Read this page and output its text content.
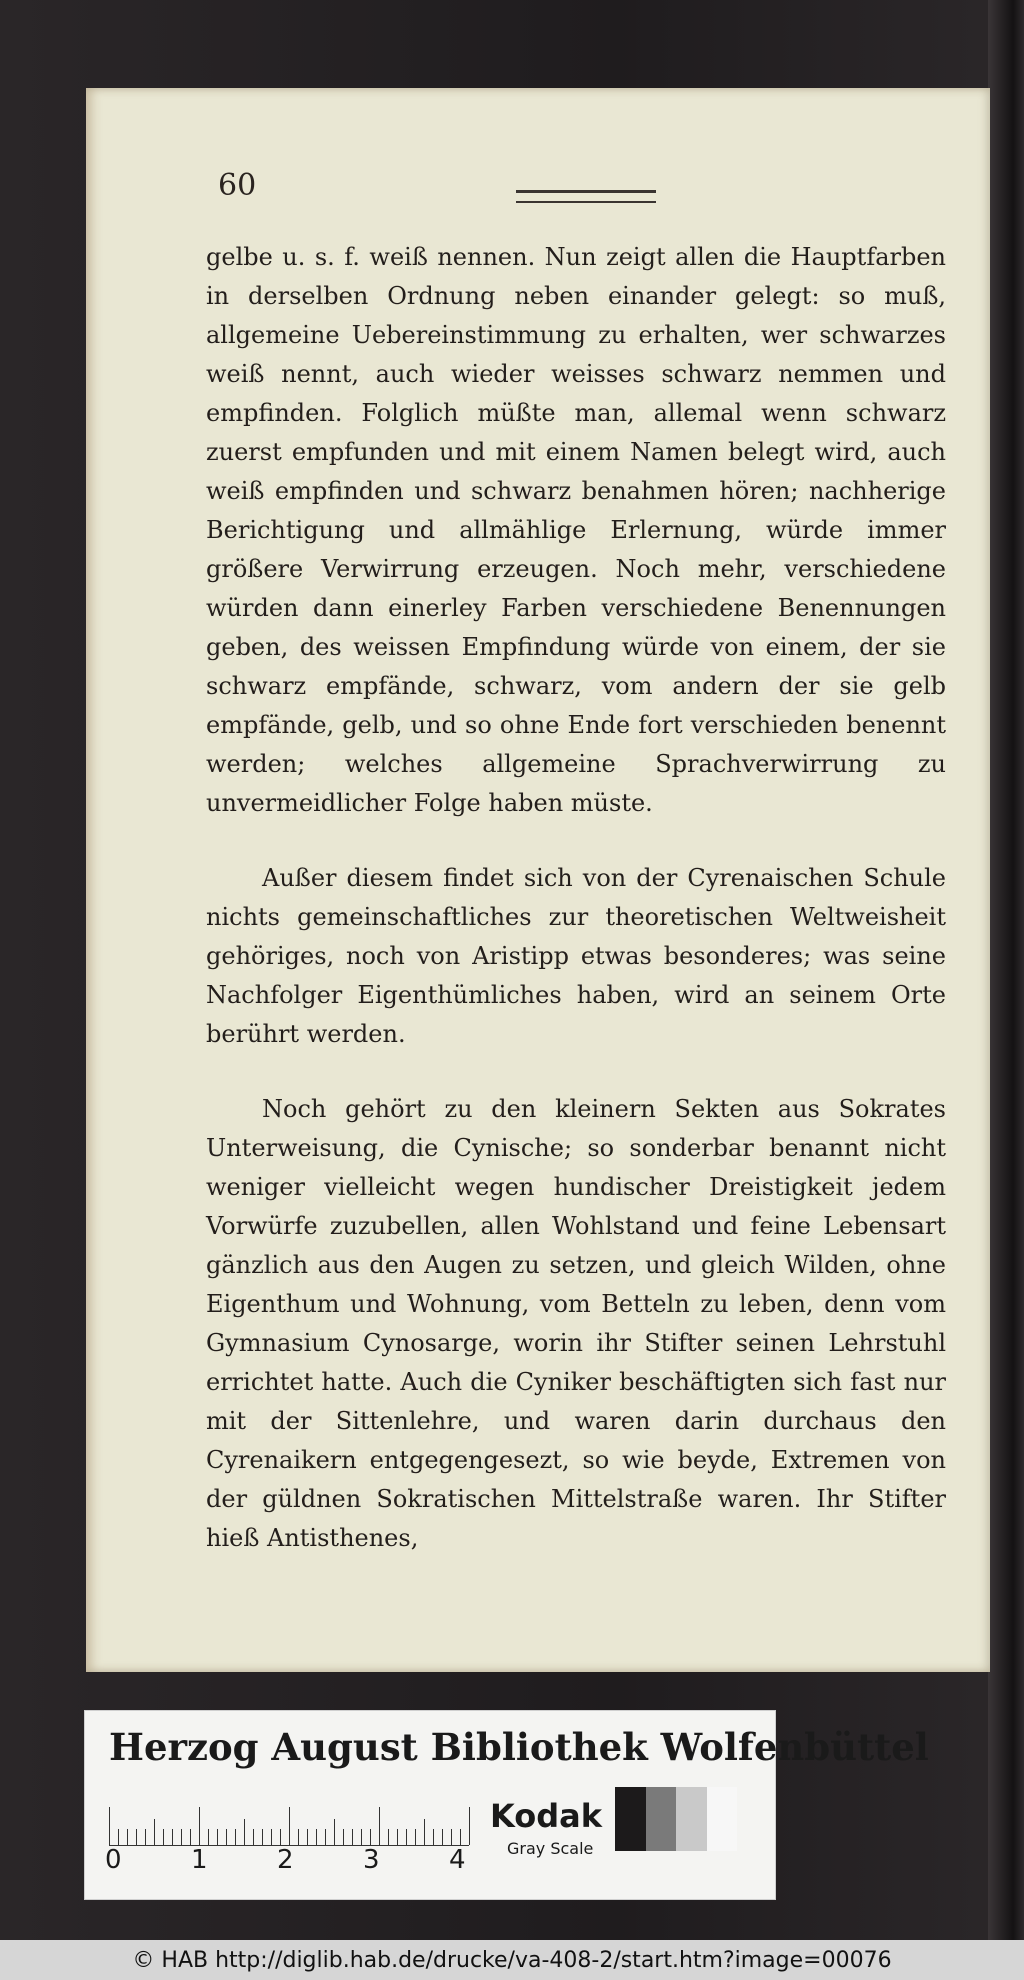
60

gelbe u. s. f. weiß nennen. Nun zeigt allen die Hauptfarben in derselben Ordnung neben einander gelegt: so muß, allgemeine Uebereinstimmung zu erhalten, wer schwarzes weiß nennt, auch wieder weisses schwarz nemmen und empfinden. Folglich müßte man, allemal wenn schwarz zuerst empfunden und mit einem Namen belegt wird, auch weiß empfinden und schwarz benahmen hören; nachherige Berichtigung und allmählige Erlernung, würde immer größere Verwirrung erzeugen. Noch mehr, verschiedene würden dann einerley Farben verschiedene Benennungen geben, des weissen Empfindung würde von einem, der sie schwarz empfände, schwarz, vom andern der sie gelb empfände, gelb, und so ohne Ende fort verschieden benennt werden; welches allgemeine Sprachverwirrung zu unvermeidlicher Folge haben müste.

Außer diesem findet sich von der Cyrenaischen Schule nichts gemeinschaftliches zur theoretischen Weltweisheit gehöriges, noch von Aristipp etwas besonderes; was seine Nachfolger Eigenthümliches haben, wird an seinem Orte berührt werden.

Noch gehört zu den kleinern Sekten aus Sokrates Unterweisung, die Cynische; so sonderbar benannt nicht weniger vielleicht wegen hundischer Dreistigkeit jedem Vorwürfe zuzubellen, allen Wohlstand und feine Lebensart gänzlich aus den Augen zu setzen, und gleich Wilden, ohne Eigenthum und Wohnung, vom Betteln zu leben, denn vom Gymnasium Cynosarge, worin ihr Stifter seinen Lehrstuhl errichtet hatte. Auch die Cyniker beschäftigten sich fast nur mit der Sittenlehre, und waren darin durchaus den Cyrenaikern entgegengesezt, so wie beyde, Extremen von der güldnen Sokratischen Mittelstraße waren. Ihr Stifter hieß Antisthenes,

Herzog August Bibliothek Wolfenbüttel
0	1	2	3	4
Kodak
Gray Scale
© HAB http://diglib.hab.de/drucke/va-408-2/start.htm?image=00076
